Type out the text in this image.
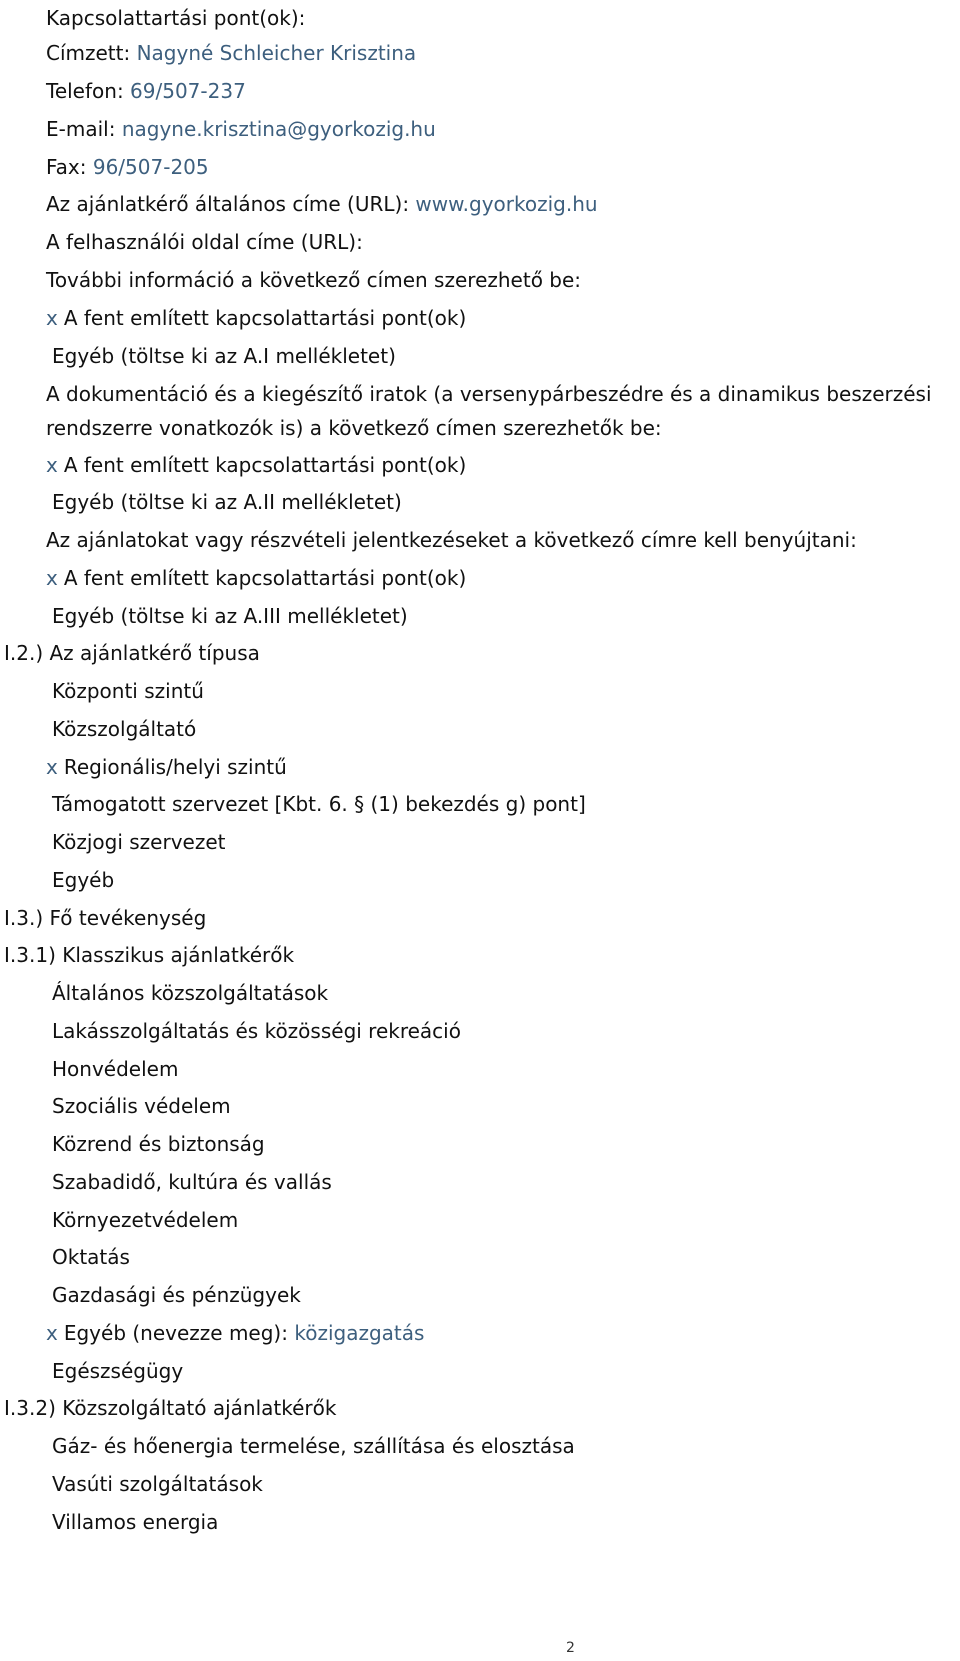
Kapcsolattartási pont(ok):
Címzett: Nagyné Schleicher Krisztina
Telefon: 69/507-237
E-mail: nagyne.krisztina@gyorkozig.hu
Fax: 96/507-205
Az ajánlatkérő általános címe (URL): www.gyorkozig.hu
A felhasználói oldal címe (URL):
További információ a következő címen szerezhető be:
x A fent említett kapcsolattartási pont(ok)
Egyéb (töltse ki az A.I mellékletet)
A dokumentáció és a kiegészítő iratok (a versenypárbeszédre és a dinamikus beszerzési
rendszerre vonatkozók is) a következő címen szerezhetők be:
x A fent említett kapcsolattartási pont(ok)
Egyéb (töltse ki az A.II mellékletet)
Az ajánlatokat vagy részvételi jelentkezéseket a következő címre kell benyújtani:
x A fent említett kapcsolattartási pont(ok)
Egyéb (töltse ki az A.III mellékletet)
I.2.) Az ajánlatkérő típusa
Központi szintű
Közszolgáltató
x Regionális/helyi szintű
Támogatott szervezet [Kbt. 6. § (1) bekezdés g) pont]
Közjogi szervezet
Egyéb
I.3.) Fő tevékenység
I.3.1) Klasszikus ajánlatkérők
Általános közszolgáltatások
Lakásszolgáltatás és közösségi rekreáció
Honvédelem
Szociális védelem
Közrend és biztonság
Szabadidő, kultúra és vallás
Környezetvédelem
Oktatás
Gazdasági és pénzügyek
x Egyéb (nevezze meg): közigazgatás
Egészségügy
I.3.2) Közszolgáltató ajánlatkérők
Gáz- és hőenergia termelése, szállítása és elosztása
Vasúti szolgáltatások
Villamos energia
2
